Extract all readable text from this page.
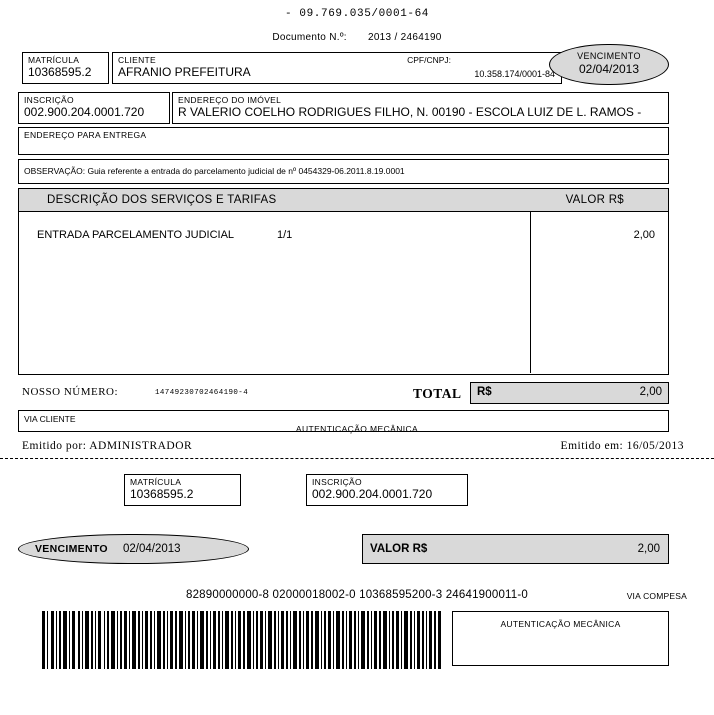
- 09.769.035/0001-64
Documento N.º: 2013 / 2464190
MATRÍCULA
10368595.2
CLIENTE
AFRANIO PREFEITURA
CPF/CNPJ:
10.358.174/0001-84
VENCIMENTO
02/04/2013
INSCRIÇÃO
002.900.204.0001.720
ENDEREÇO DO IMÓVEL
R VALERIO COELHO RODRIGUES FILHO, N. 00190 - ESCOLA LUIZ DE L. RAMOS -
ENDEREÇO PARA ENTREGA
OBSERVAÇÃO: Guia referente a entrada do parcelamento judicial de nº 0454329-06.2011.8.19.0001
DESCRIÇÃO DOS SERVIÇOS E TARIFAS	VALOR R$
ENTRADA PARCELAMENTO JUDICIAL	1/1	2,00
NOSSO NÚMERO:	14749230702464190-4	TOTAL R$	2,00
VIA CLIENTE
AUTENTICAÇÃO MECÂNICA
Emitido por: ADMINISTRADOR	Emitido em: 16/05/2013
MATRÍCULA
10368595.2
INSCRIÇÃO
002.900.204.0001.720
VENCIMENTO 02/04/2013	VALOR R$	2,00
82890000000-8 02000018002-0 10368595200-3 24641900011-0	VIA COMPESA
AUTENTICAÇÃO MECÂNICA
